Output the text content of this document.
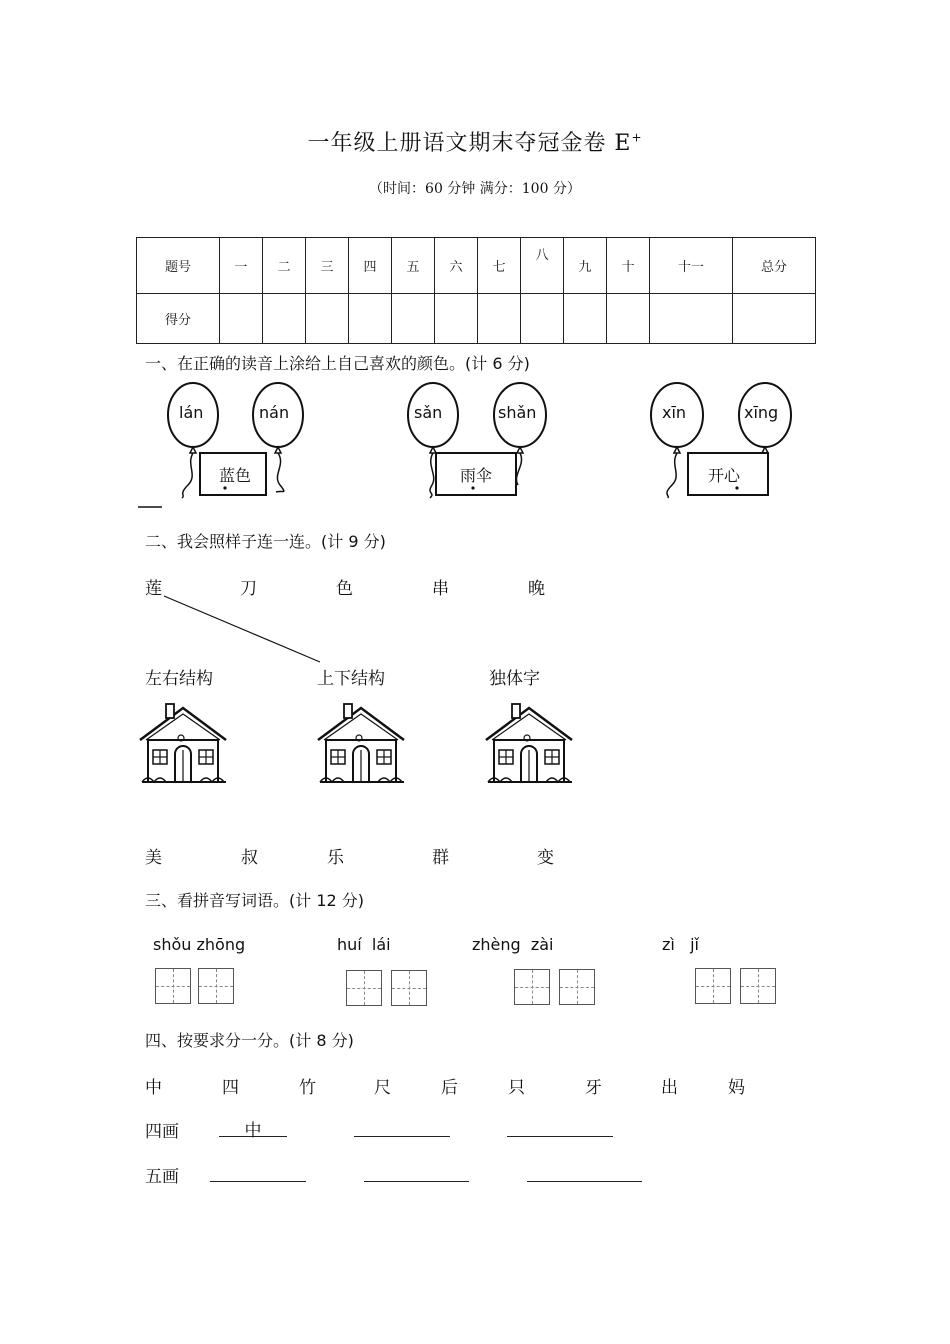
一年级上册语文期末夺冠金卷 E+
（时间：60 分钟 满分：100 分）
题号	一	二	三	四	五	六	七	八	九	十	十一	总分
得分												
一、在正确的读音上涂给上自己喜欢的颜色。(计 6 分)
lán	nán	sǎn	shǎn	xīn	xīng
蓝色	雨伞	开心
二、我会照样子连一连。(计 9 分)
莲	刀	色	串	晚
左右结构	上下结构	独体字
美	叔	乐	群	变
三、看拼音写词语。(计 12 分)
shǒu zhōng	huí  lái	zhèng  zài	zì   jǐ
四、按要求分一分。(计 8 分)
中	四	竹	尺	后	只	牙	出	妈
四画	中
五画
